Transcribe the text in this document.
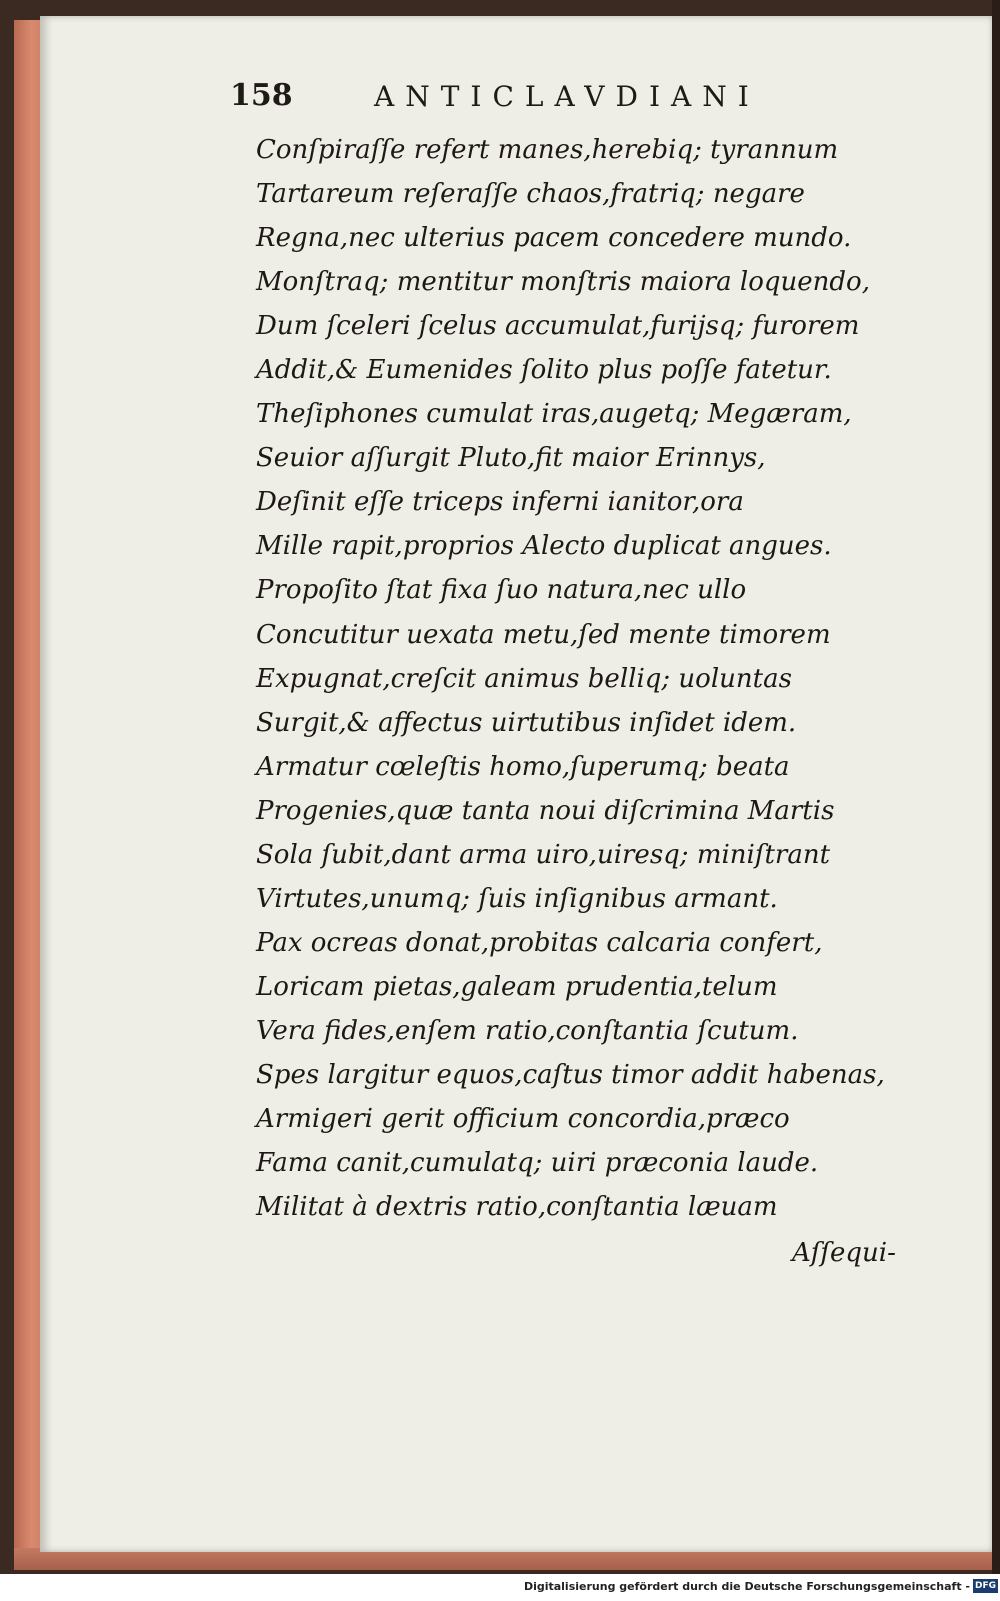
158	ANTICLAVDIANI
Conſpiraſſe refert manes,herebiq; tyrannum
Tartareum reſeraſſe chaos,fratriq; negare
Regna,nec ulterius pacem concedere mundo.
Monſtraq; mentitur monſtris maiora loquendo,
Dum ſceleri ſcelus accumulat,furijsq; furorem
Addit,& Eumenides ſolito plus poſſe fatetur.
Theſiphones cumulat iras,augetq; Megæram,
Seuior aſſurgit Pluto,fit maior Erinnys,
Deſinit eſſe triceps inferni ianitor,ora
Mille rapit,proprios Alecto duplicat angues.
Propoſito ſtat fixa ſuo natura,nec ullo
Concutitur uexata metu,ſed mente timorem
Expugnat,creſcit animus belliq; uoluntas
Surgit,& affectus uirtutibus inſidet idem.
Armatur cœleſtis homo,ſuperumq; beata
Progenies,quæ tanta noui diſcrimina Martis
Sola ſubit,dant arma uiro,uiresq; miniſtrant
Virtutes,unumq; ſuis inſignibus armant.
Pax ocreas donat,probitas calcaria confert,
Loricam pietas,galeam prudentia,telum
Vera fides,enſem ratio,conſtantia ſcutum.
Spes largitur equos,caſtus timor addit habenas,
Armigeri gerit officium concordia,præco
Fama canit,cumulatq; uiri præconia laude.
Militat à dextris ratio,conſtantia læuam
Aſſequi-
Digitalisierung gefördert durch die Deutsche Forschungsgemeinschaft - DFG
